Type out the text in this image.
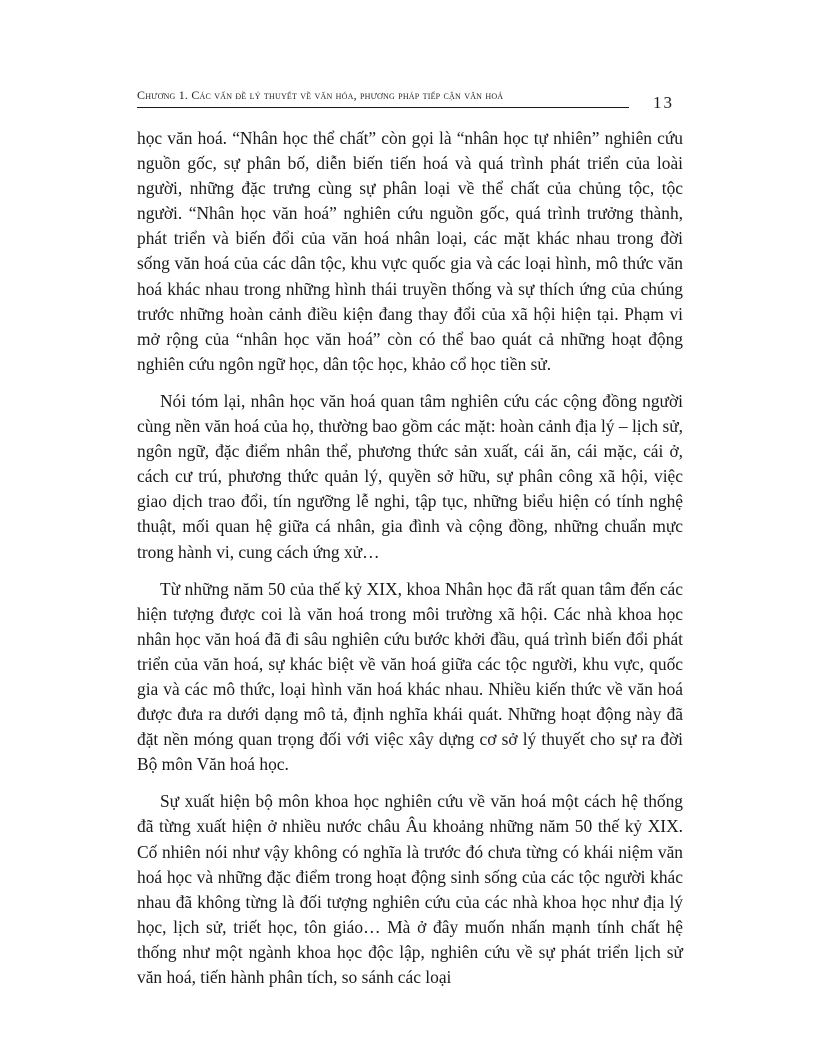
Chương 1. Các vấn đề lý thuyết về văn hóa, phương pháp tiếp cận văn hoá	13

học văn hoá. “Nhân học thể chất” còn gọi là “nhân học tự nhiên” nghiên cứu nguồn gốc, sự phân bố, diễn biến tiến hoá và quá trình phát triển của loài người, những đặc trưng cùng sự phân loại về thể chất của chủng tộc, tộc người. “Nhân học văn hoá” nghiên cứu nguồn gốc, quá trình trưởng thành, phát triển và biến đổi của văn hoá nhân loại, các mặt khác nhau trong đời sống văn hoá của các dân tộc, khu vực quốc gia và các loại hình, mô thức văn hoá khác nhau trong những hình thái truyền thống và sự thích ứng của chúng trước những hoàn cảnh điều kiện đang thay đổi của xã hội hiện tại. Phạm vi mở rộng của “nhân học văn hoá” còn có thể bao quát cả những hoạt động nghiên cứu ngôn ngữ học, dân tộc học, khảo cổ học tiền sử.

Nói tóm lại, nhân học văn hoá quan tâm nghiên cứu các cộng đồng người cùng nền văn hoá của họ, thường bao gồm các mặt: hoàn cảnh địa lý – lịch sử, ngôn ngữ, đặc điểm nhân thể, phương thức sản xuất, cái ăn, cái mặc, cái ở, cách cư trú, phương thức quản lý, quyền sở hữu, sự phân công xã hội, việc giao dịch trao đổi, tín ngưỡng lễ nghi, tập tục, những biểu hiện có tính nghệ thuật, mối quan hệ giữa cá nhân, gia đình và cộng đồng, những chuẩn mực trong hành vi, cung cách ứng xử…

Từ những năm 50 của thế kỷ XIX, khoa Nhân học đã rất quan tâm đến các hiện tượng được coi là văn hoá trong môi trường xã hội. Các nhà khoa học nhân học văn hoá đã đi sâu nghiên cứu bước khởi đầu, quá trình biến đổi phát triển của văn hoá, sự khác biệt về văn hoá giữa các tộc người, khu vực, quốc gia và các mô thức, loại hình văn hoá khác nhau. Nhiều kiến thức về văn hoá được đưa ra dưới dạng mô tả, định nghĩa khái quát. Những hoạt động này đã đặt nền móng quan trọng đối với việc xây dựng cơ sở lý thuyết cho sự ra đời Bộ môn Văn hoá học.

Sự xuất hiện bộ môn khoa học nghiên cứu về văn hoá một cách hệ thống đã từng xuất hiện ở nhiều nước châu Âu khoảng những năm 50 thế kỷ XIX. Cố nhiên nói như vậy không có nghĩa là trước đó chưa từng có khái niệm văn hoá học và những đặc điểm trong hoạt động sinh sống của các tộc người khác nhau đã không từng là đối tượng nghiên cứu của các nhà khoa học như địa lý học, lịch sử, triết học, tôn giáo… Mà ở đây muốn nhấn mạnh tính chất hệ thống như một ngành khoa học độc lập, nghiên cứu về sự phát triển lịch sử văn hoá, tiến hành phân tích, so sánh các loại
